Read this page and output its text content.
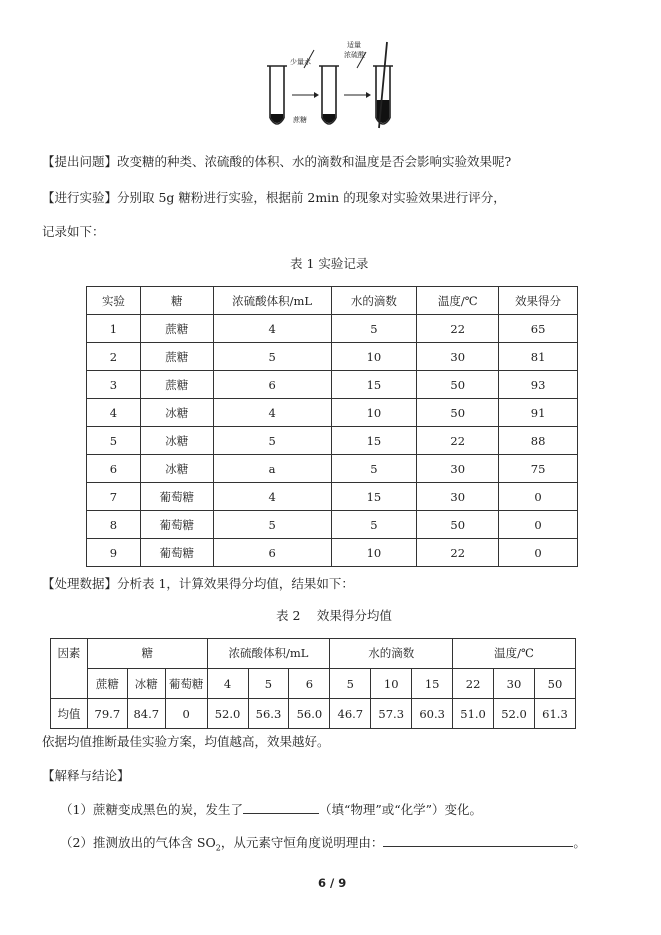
少量水
适量
浓硫酸
蔗糖
【提出问题】改变糖的种类、浓硫酸的体积、水的滴数和温度是否会影响实验效果呢?
【进行实验】分别取 5g 糖粉进行实验，根据前 2min 的现象对实验效果进行评分，
记录如下：
表 1 实验记录
实验	糖	浓硫酸体积/mL	水的滴数	温度/℃	效果得分
1	蔗糖	4	5	22	65
2	蔗糖	5	10	30	81
3	蔗糖	6	15	50	93
4	冰糖	4	10	50	91
5	冰糖	5	15	22	88
6	冰糖	a	5	30	75
7	葡萄糖	4	15	30	0
8	葡萄糖	5	5	50	0
9	葡萄糖	6	10	22	0
【处理数据】分析表 1，计算效果得分均值，结果如下：
表 2　 效果得分均值
因素	糖			浓硫酸体积/mL			水的滴数			温度/℃		
	蔗糖	冰糖	葡萄糖	4	5	6	5	10	15	22	30	50
均值	79.7	84.7	0	52.0	56.3	56.0	46.7	57.3	60.3	51.0	52.0	61.3
依据均值推断最佳实验方案，均值越高，效果越好。
【解释与结论】
（1）蔗糖变成黑色的炭，发生了	（填“物理”或“化学”）变化。
（2）推测放出的气体含 $SO_2$，从元素守恒角度说明理由：	。
6 / 9
